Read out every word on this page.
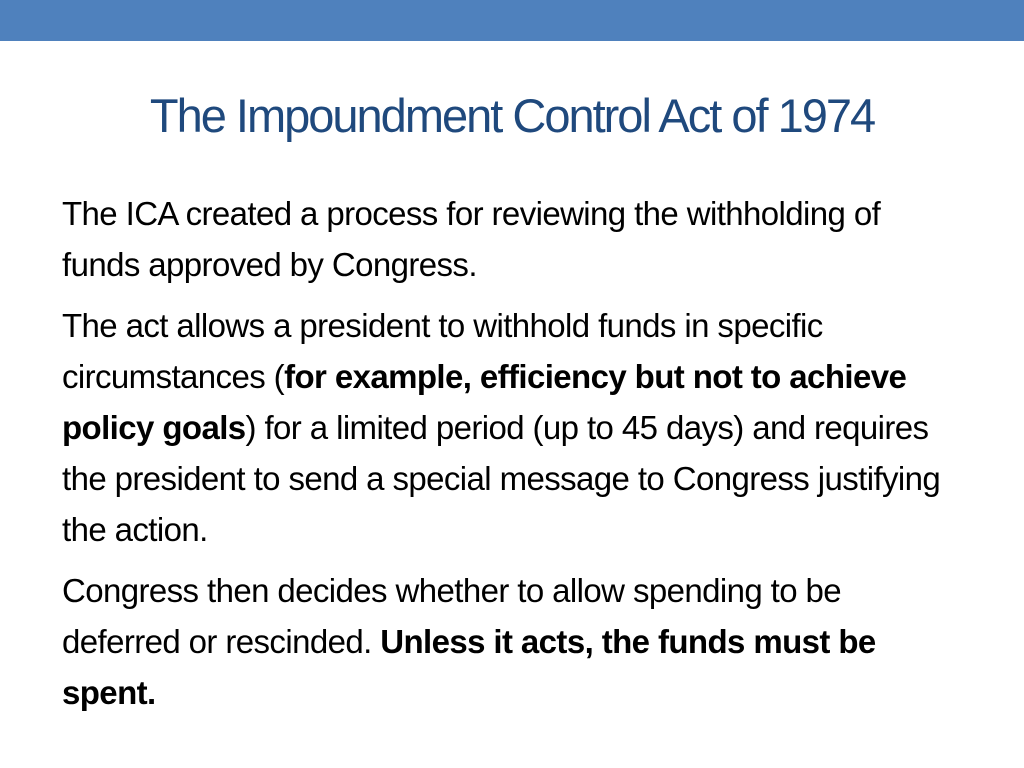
The Impoundment Control Act of 1974

The ICA created a process for reviewing the withholding of funds approved by Congress.

The act allows a president to withhold funds in specific circumstances (for example, efficiency but not to achieve policy goals) for a limited period (up to 45 days) and requires the president to send a special message to Congress justifying the action.

Congress then decides whether to allow spending to be deferred or rescinded. Unless it acts, the funds must be spent.
